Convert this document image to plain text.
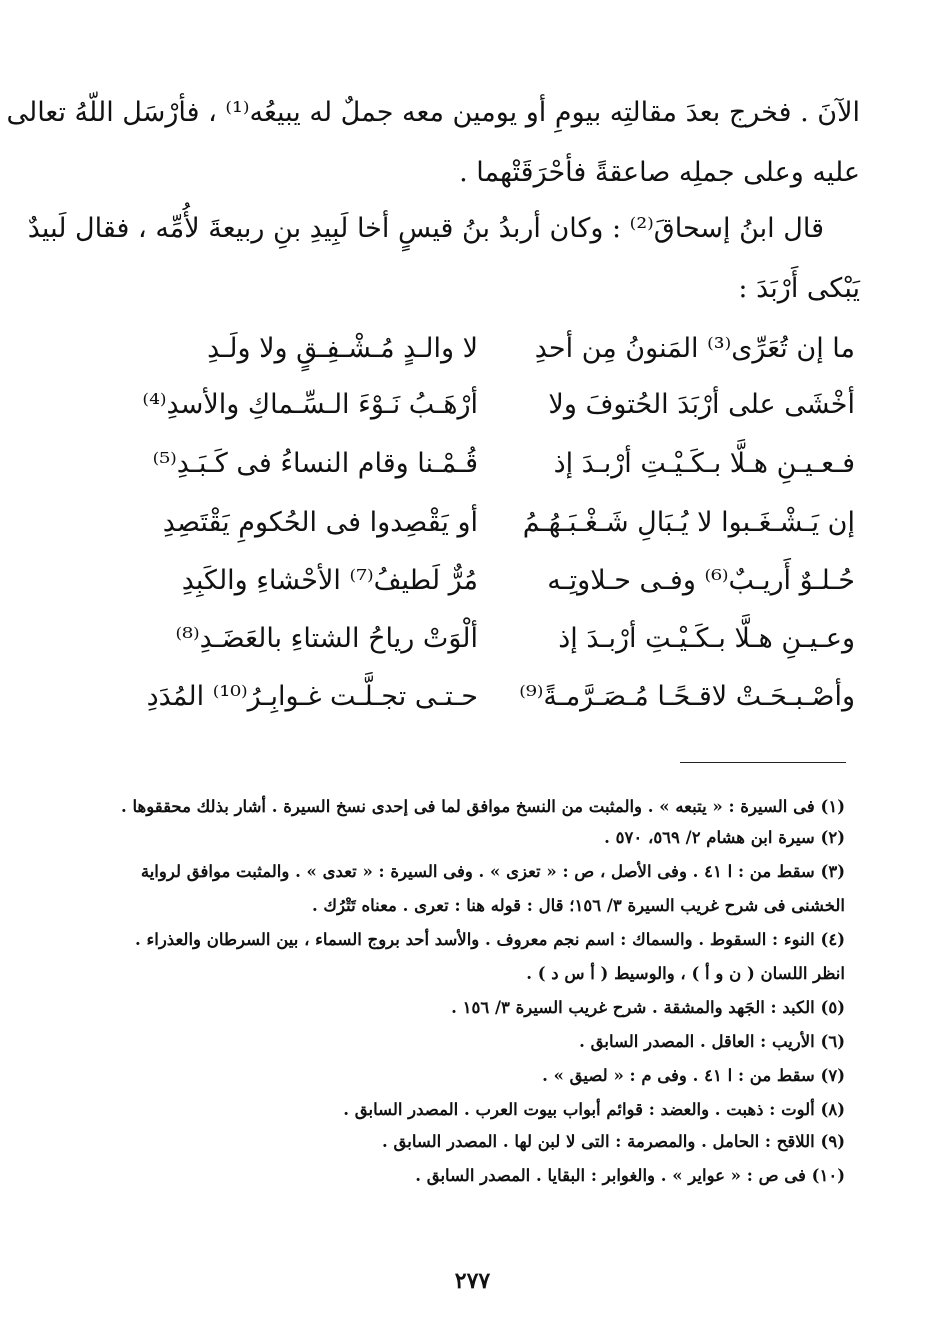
الآنَ . فخرج بعدَ مقالتِه بيومِ أو يومين معه جملٌ له يبيعُه⁽¹⁾ ، فأرْسَل اللّهُ تعالى

عليه وعلى جملِه صاعقةً فأحْرَقَتْهما .

قال ابنُ إسحاقَ⁽²⁾ : وكان أربدُ بنُ قيسٍ أخا لَبِيدِ بنِ ربيعةَ لأُمِّه ، فقال لَبيدٌ

يَبْكى أَرْبَدَ :

ما إن تُعَرِّى⁽³⁾ المَنونُ مِن أحدِ
لا والـدٍ مُـشْـفِـقٍ ولا ولَـدِ
أخْشَى على أرْبَدَ الحُتوفَ ولا
أرْهَـبُ نَـوْءَ الـسِّـماكِ والأسدِ⁽⁴⁾
فـعـيـنِ هـلَّا بـكَـيْـتِ أرْبـدَ إذ
قُـمْـنا وقام النساءُ فى كَـبَـدِ⁽⁵⁾
إن يَـشْـغَـبوا لا يُـبَالِ شَـغْـبَـهُـمُ
أو يَقْصِدوا فى الحُكومِ يَقْتَصِدِ
حُـلـوٌ أَريـبٌ⁽⁶⁾ وفـى حـلاوتِـه
مُرٌّ لَطيفُ⁽⁷⁾ الأحْشاءِ والكَبِدِ
وعـيـنِ هـلَّا بـكَـيْـتِ أرْبـدَ إذ
ألْوَتْ رياحُ الشتاءِ بالعَضَـدِ⁽⁸⁾
وأصْـبـحَـتْ لاقـحًـا مُـصَـرَّمـةً⁽⁹⁾
حـتـى تجـلَّـت غـوابِـرُ⁽¹⁰⁾ المُدَدِ
(١) فى السيرة : « يتبعه » . والمثبت من النسخ موافق لما فى إحدى نسخ السيرة . أشار بذلك محققوها .
(٢) سيرة ابن هشام ٢/ ٥٦٩، ٥٧٠ .
(٣) سقط من : ا ٤١ . وفى الأصل ، ص : « تعزى » . وفى السيرة : « تعدى » . والمثبت موافق لرواية
الخشنى فى شرح غريب السيرة ٣/ ١٥٦؛ قال : قوله هنا : تعرى . معناه تَتْرُك .
(٤) النوء : السقوط . والسماك : اسم نجم معروف . والأسد أحد بروج السماء ، بين السرطان والعذراء .
انظر اللسان ( ن و أ ) ، والوسيط ( أ س د ) .
(٥) الكبد : الجَهد والمشقة . شرح غريب السيرة ٣/ ١٥٦ .
(٦) الأريب : العاقل . المصدر السابق .
(٧) سقط من : ا ٤١ . وفى م : « لصيق » .
(٨) ألوت : ذهبت . والعضد : قوائم أبواب بيوت العرب . المصدر السابق .
(٩) اللاقح : الحامل . والمصرمة : التى لا لبن لها . المصدر السابق .
(١٠) فى ص : « عواير » . والغوابر : البقايا . المصدر السابق .
٢٧٧
